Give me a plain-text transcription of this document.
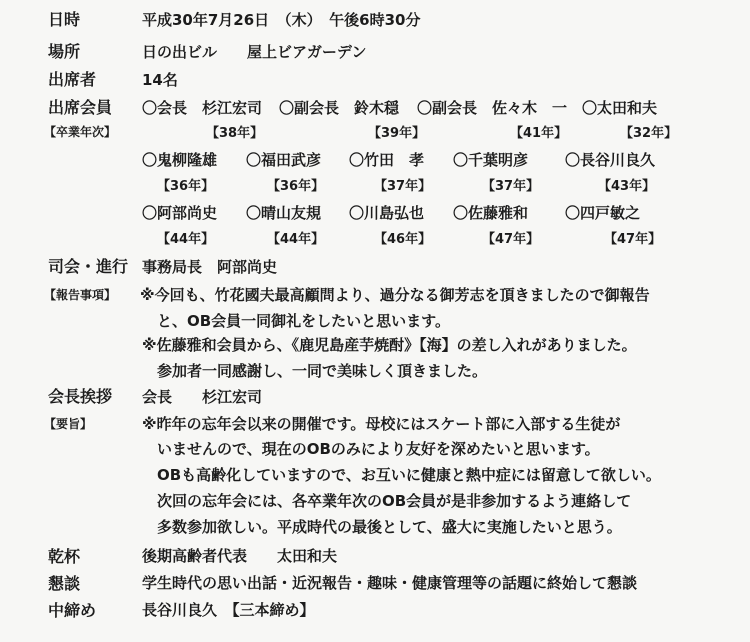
日時	平成30年7月26日　（木）　午後6時30分
場所	日の出ビル　　屋上ビアガーデン
出席者	14名
出席会員
【卒業年次】
〇会長　杉江宏司 〇副会長　鈴木穏 〇副会長　佐々木　一 〇太田和夫
【38年】	【39年】	【41年】	【32年】
〇鬼柳隆雄 〇福田武彦 〇竹田　孝 〇千葉明彦 〇長谷川良久
【36年】	【36年】	【37年】	【37年】	【43年】
〇阿部尚史 〇晴山友規 〇川島弘也 〇佐藤雅和 〇四戸敏之
【44年】	【44年】	【46年】	【47年】	【47年】
司会・進行 事務局長　阿部尚史
【報告事項】 ※今回も、竹花國夫最高顧問より、過分なる御芳志を頂きましたので御報告
と、OB会員一同御礼をしたいと思います。
※佐藤雅和会員から、《鹿児島産芋焼酎》【海】の差し入れがありました。
参加者一同感謝し、一同で美味しく頂きました。
会長挨拶 会長　　杉江宏司
【要旨】	※昨年の忘年会以来の開催です。母校にはスケート部に入部する生徒が
いませんので、現在のOBのみにより友好を深めたいと思います。
OBも高齢化していますので、お互いに健康と熱中症には留意して欲しい。
次回の忘年会には、各卒業年次のOB会員が是非参加するよう連絡して
多数参加欲しい。平成時代の最後として、盛大に実施したいと思う。
乾杯	後期高齢者代表　　太田和夫
懇談	学生時代の思い出話・近況報告・趣味・健康管理等の話題に終始して懇談
中締め	長谷川良久　【三本締め】
